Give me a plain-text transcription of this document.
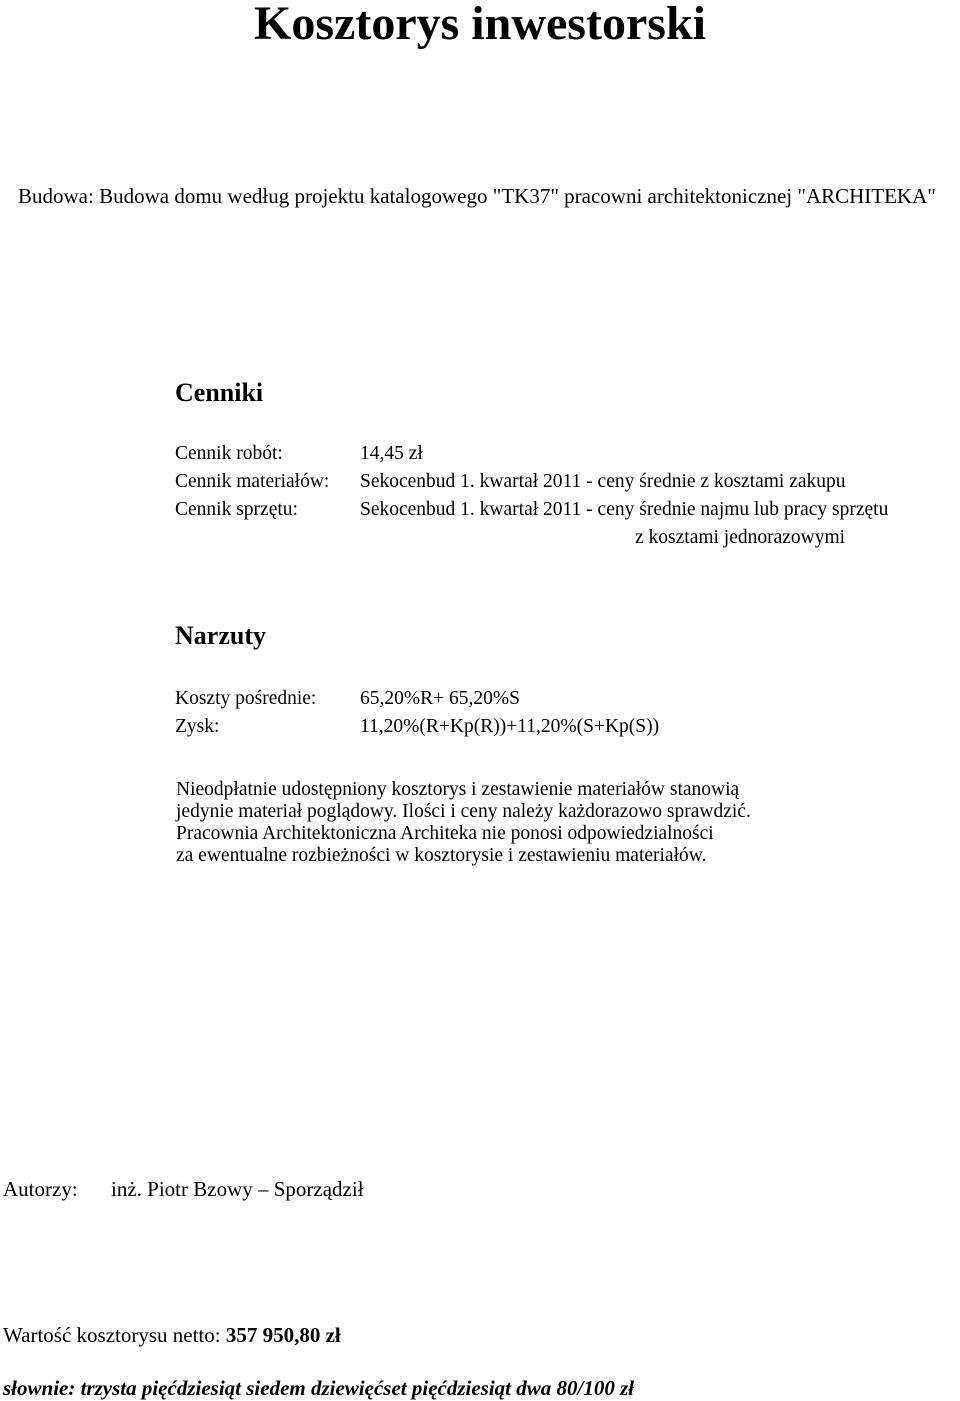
Kosztorys inwestorski
Budowa: Budowa domu według projektu katalogowego "TK37" pracowni architektonicznej "ARCHITEKA"
Cenniki
Cennik robót:	14,45 zł
Cennik materiałów: Sekocenbud 1. kwartał 2011 - ceny średnie z kosztami zakupu
Cennik sprzętu:	Sekocenbud 1. kwartał 2011 - ceny średnie najmu lub pracy sprzętu
z kosztami jednorazowymi
Narzuty
Koszty pośrednie: 65,20%R+ 65,20%S
Zysk:	11,20%(R+Kp(R))+11,20%(S+Kp(S))
Nieodpłatnie udostępniony kosztorys i zestawienie materiałów stanowią
jedynie materiał poglądowy. Ilości i ceny należy każdorazowo sprawdzić.
Pracownia Architektoniczna Architeka nie ponosi odpowiedzialności
za ewentualne rozbieżności w kosztorysie i zestawieniu materiałów.
Autorzy: inż. Piotr Bzowy – Sporządził
Wartość kosztorysu netto: 357 950,80 zł
słownie: trzysta pięćdziesiąt siedem dziewięćset pięćdziesiąt dwa 80/100 zł
